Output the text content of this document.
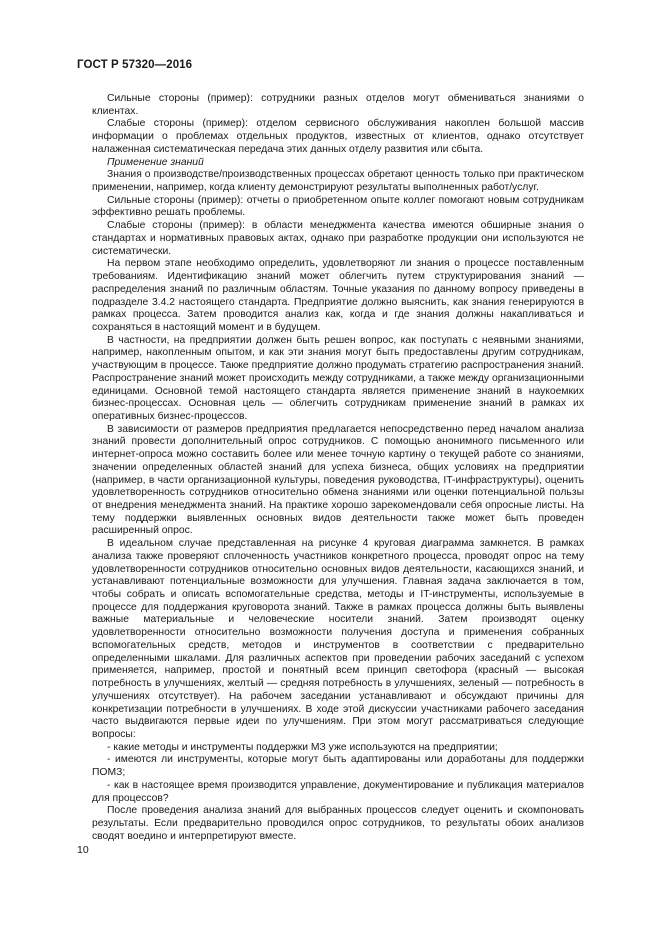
ГОСТ Р 57320—2016

Сильные стороны (пример): сотрудники разных отделов могут обмениваться знаниями о клиентах.

Слабые стороны (пример): отделом сервисного обслуживания накоплен большой массив информации о проблемах отдельных продуктов, известных от клиентов, однако отсутствует налаженная систематическая передача этих данных отделу развития или сбыта.

Применение знаний

Знания о производстве/производственных процессах обретают ценность только при практическом применении, например, когда клиенту демонстрируют результаты выполненных работ/услуг.

Сильные стороны (пример): отчеты о приобретенном опыте коллег помогают новым сотрудникам эффективно решать проблемы.

Слабые стороны (пример): в области менеджмента качества имеются обширные знания о стандартах и нормативных правовых актах, однако при разработке продукции они используются не систематически.

На первом этапе необходимо определить, удовлетворяют ли знания о процессе поставленным требованиям. Идентификацию знаний может облегчить путем структурирования знаний — распределения знаний по различным областям. Точные указания по данному вопросу приведены в подразделе 3.4.2 настоящего стандарта. Предприятие должно выяснить, как знания генерируются в рамках процесса. Затем проводится анализ как, когда и где знания должны накапливаться и сохраняться в настоящий момент и в будущем.

В частности, на предприятии должен быть решен вопрос, как поступать с неявными знаниями, например, накопленным опытом, и как эти знания могут быть предоставлены другим сотрудникам, участвующим в процессе. Также предприятие должно продумать стратегию распространения знаний. Распространение знаний может происходить между сотрудниками, а также между организационными единицами. Основной темой настоящего стандарта является применение знаний в наукоемких бизнес-процессах. Основная цель — облегчить сотрудникам применение знаний в рамках их оперативных бизнес-процессов.

В зависимости от размеров предприятия предлагается непосредственно перед началом анализа знаний провести дополнительный опрос сотрудников. С помощью анонимного письменного или интернет-опроса можно составить более или менее точную картину о текущей работе со знаниями, значении определенных областей знаний для успеха бизнеса, общих условиях на предприятии (например, в части организационной культуры, поведения руководства, IT-инфраструктуры), оценить удовлетворенность сотрудников относительно обмена знаниями или оценки потенциальной пользы от внедрения менеджмента знаний. На практике хорошо зарекомендовали себя опросные листы. На тему поддержки выявленных основных видов деятельности также может быть проведен расширенный опрос.

В идеальном случае представленная на рисунке 4 круговая диаграмма замкнется. В рамках анализа также проверяют сплоченность участников конкретного процесса, проводят опрос на тему удовлетворенности сотрудников относительно основных видов деятельности, касающихся знаний, и устанавливают потенциальные возможности для улучшения. Главная задача заключается в том, чтобы собрать и описать вспомогательные средства, методы и IT-инструменты, используемые в процессе для поддержания круговорота знаний. Также в рамках процесса должны быть выявлены важные материальные и человеческие носители знаний. Затем производят оценку удовлетворенности относительно возможности получения доступа и применения собранных вспомогательных средств, методов и инструментов в соответствии с предварительно определенными шкалами. Для различных аспектов при проведении рабочих заседаний с успехом применяется, например, простой и понятный всем принцип светофора (красный — высокая потребность в улучшениях, желтый — средняя потребность в улучшениях, зеленый — потребность в улучшениях отсутствует). На рабочем заседании устанавливают и обсуждают причины для конкретизации потребности в улучшениях. В ходе этой дискуссии участниками рабочего заседания часто выдвигаются первые идеи по улучшениям. При этом могут рассматриваться следующие вопросы:

- какие методы и инструменты поддержки МЗ уже используются на предприятии;

- имеются ли инструменты, которые могут быть адаптированы или доработаны для поддержки ПОМЗ;

- как в настоящее время производится управление, документирование и публикация материалов для процессов?

После проведения анализа знаний для выбранных процессов следует оценить и скомпоновать результаты. Если предварительно проводился опрос сотрудников, то результаты обоих анализов сводят воедино и интерпретируют вместе.

10
